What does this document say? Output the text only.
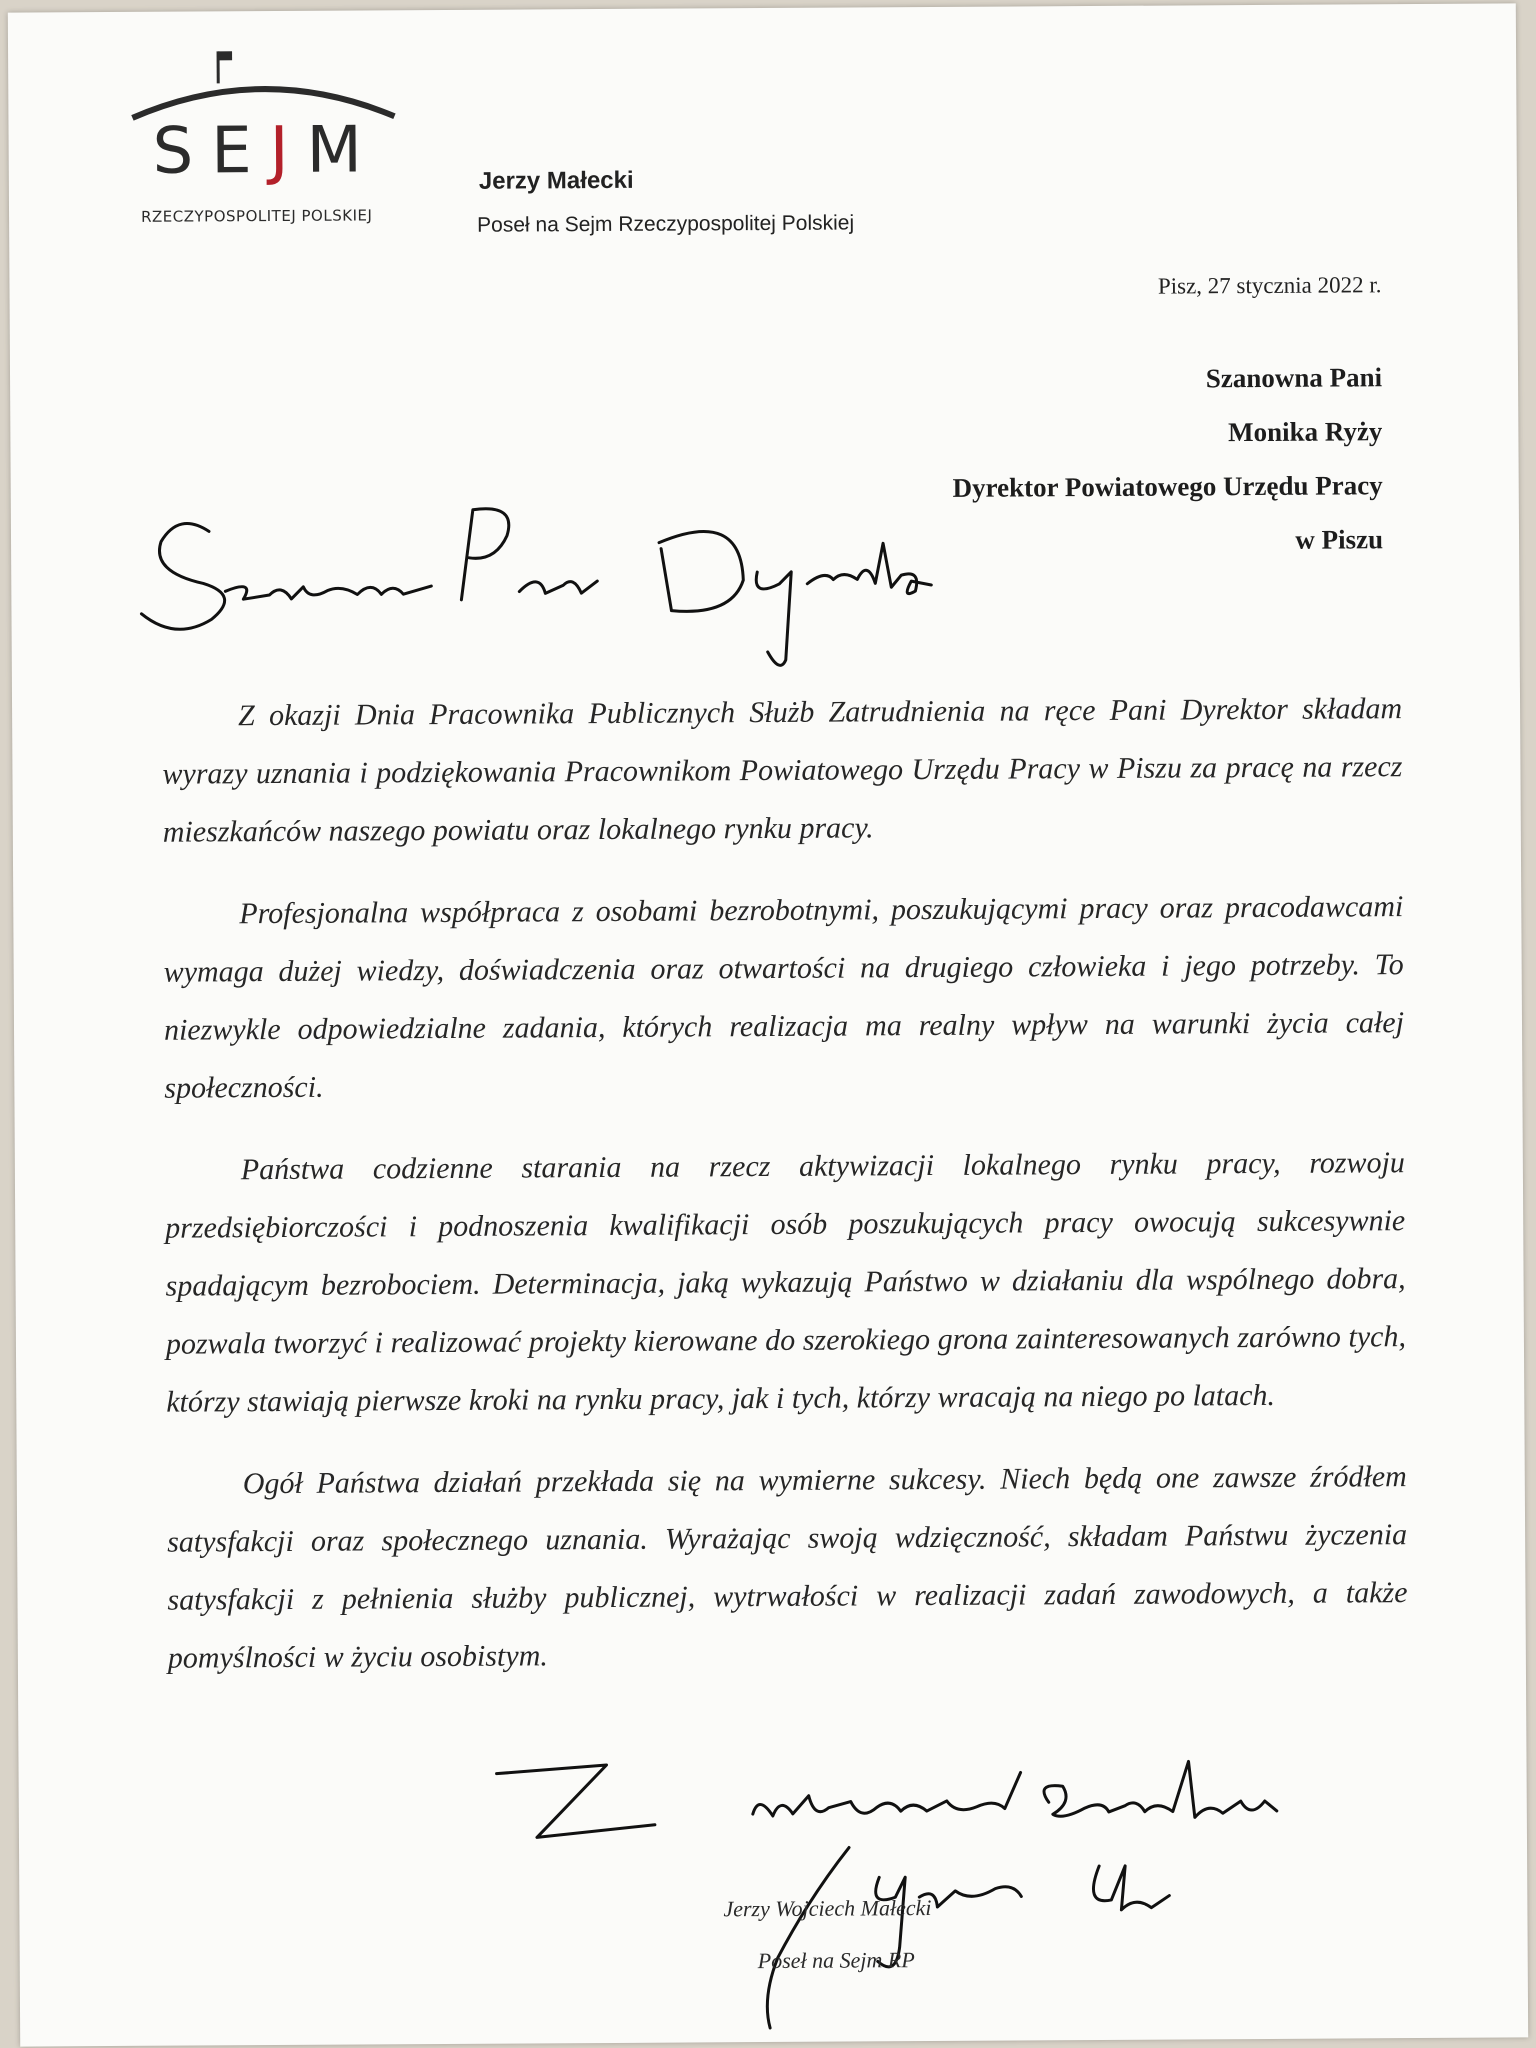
SEJM
RZECZYPOSPOLITEJ POLSKIEJ
Jerzy Małecki
Poseł na Sejm Rzeczypospolitej Polskiej
Pisz, 27 stycznia 2022 r.
Szanowna Pani
Monika Ryży
Dyrektor Powiatowego Urzędu Pracy
w Piszu

Z okazji Dnia Pracownika Publicznych Służb Zatrudnienia na ręce Pani Dyrektor składam wyrazy uznania i podziękowania Pracownikom Powiatowego Urzędu Pracy w Piszu za pracę na rzecz mieszkańców naszego powiatu oraz lokalnego rynku pracy.

Profesjonalna współpraca z osobami bezrobotnymi, poszukującymi pracy oraz pracodawcami wymaga dużej wiedzy, doświadczenia oraz otwartości na drugiego człowieka i jego potrzeby. To niezwykle odpowiedzialne zadania, których realizacja ma realny wpływ na warunki życia całej społeczności.

Państwa codzienne starania na rzecz aktywizacji lokalnego rynku pracy, rozwoju przedsiębiorczości i podnoszenia kwalifikacji osób poszukujących pracy owocują sukcesywnie spadającym bezrobociem. Determinacja, jaką wykazują Państwo w działaniu dla wspólnego dobra, pozwala tworzyć i realizować projekty kierowane do szerokiego grona zainteresowanych zarówno tych, którzy stawiają pierwsze kroki na rynku pracy, jak i tych, którzy wracają na niego po latach.

Ogół Państwa działań przekłada się na wymierne sukcesy. Niech będą one zawsze źródłem satysfakcji oraz społecznego uznania. Wyrażając swoją wdzięczność, składam Państwu życzenia satysfakcji z pełnienia służby publicznej, wytrwałości w realizacji zadań zawodowych, a także pomyślności w życiu osobistym.

Jerzy Wojciech Małecki
Poseł na Sejm RP
